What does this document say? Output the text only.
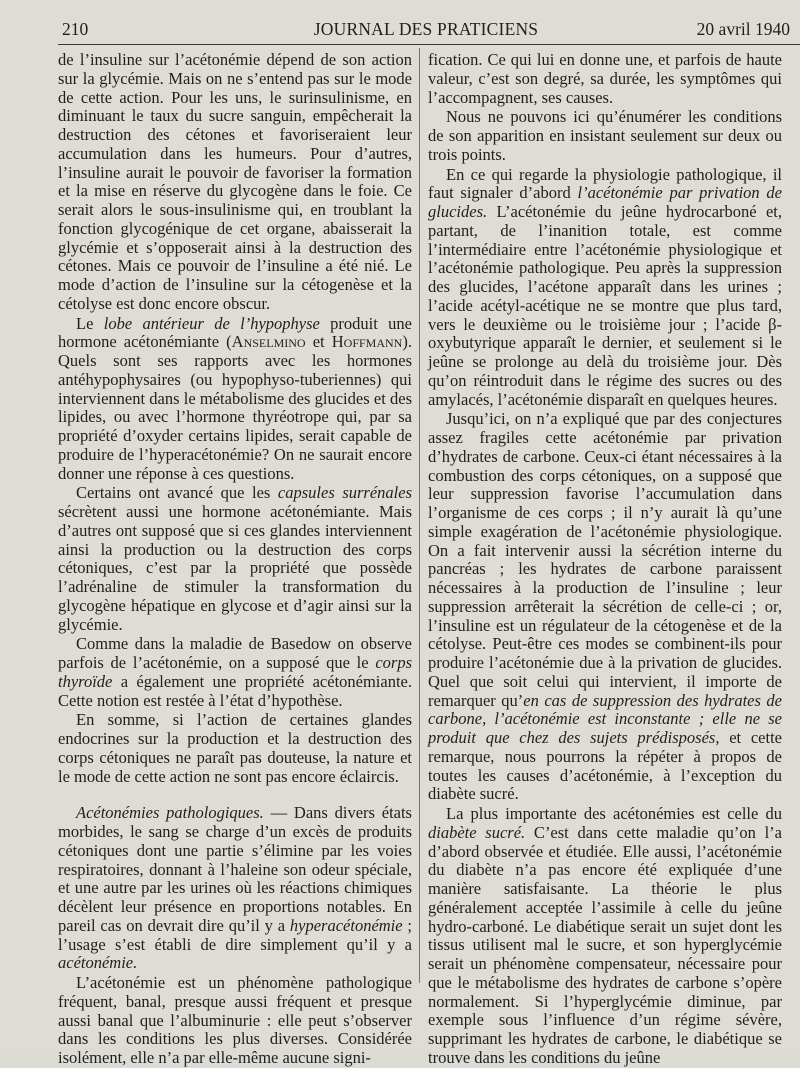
210	JOURNAL DES PRATICIENS	20 avril 1940

de l’insuline sur l’acétonémie dépend de son action sur la glycémie. Mais on ne s’entend pas sur le mode de cette action. Pour les uns, le surinsulinisme, en diminuant le taux du sucre sanguin, empêcherait la destruction des cétones et favoriseraient leur accumulation dans les humeurs. Pour d’autres, l’insuline aurait le pouvoir de favoriser la formation et la mise en réserve du glycogène dans le foie. Ce serait alors le sous-insulinisme qui, en troublant la fonction glycogénique de cet organe, abaisserait la glycémie et s’opposerait ainsi à la destruction des cétones. Mais ce pouvoir de l’insuline a été nié. Le mode d’action de l’insuline sur la cétogenèse et la cétolyse est donc encore obscur.

Le lobe antérieur de l’hypophyse produit une hormone acétonémiante (Anselmino et Hoffmann). Quels sont ses rapports avec les hormones antéhypophysaires (ou hypophyso-tuberiennes) qui interviennent dans le métabolisme des glucides et des lipides, ou avec l’hormone thyréotrope qui, par sa propriété d’oxyder certains lipides, serait capable de produire de l’hyperacétonémie? On ne saurait encore donner une réponse à ces questions.

Certains ont avancé que les capsules surrénales sécrètent aussi une hormone acétonémiante. Mais d’autres ont supposé que si ces glandes interviennent ainsi la production ou la destruction des corps cétoniques, c’est par la propriété que possède l’adrénaline de stimuler la transformation du glycogène hépatique en glycose et d’agir ainsi sur la glycémie.

Comme dans la maladie de Basedow on observe parfois de l’acétonémie, on a supposé que le corps thyroïde a également une propriété acétonémiante. Cette notion est restée à l’état d’hypothèse.

En somme, si l’action de certaines glandes endocrines sur la production et la destruction des corps cétoniques ne paraît pas douteuse, la nature et le mode de cette action ne sont pas encore éclaircis.

Acétonémies pathologiques. — Dans divers états morbides, le sang se charge d’un excès de produits cétoniques dont une partie s’élimine par les voies respiratoires, donnant à l’haleine son odeur spéciale, et une autre par les urines où les réactions chimiques décèlent leur présence en proportions notables. En pareil cas on devrait dire qu’il y a hyperacétonémie ; l’usage s’est établi de dire simplement qu’il y a acétonémie.

L’acétonémie est un phénomène pathologique fréquent, banal, presque aussi fréquent et presque aussi banal que l’albuminurie : elle peut s’observer dans les conditions les plus diverses. Considérée isolément, elle n’a par elle-même aucune signi-

fication. Ce qui lui en donne une, et parfois de haute valeur, c’est son degré, sa durée, les symptômes qui l’accompagnent, ses causes.

Nous ne pouvons ici qu’énumérer les conditions de son apparition en insistant seulement sur deux ou trois points.

En ce qui regarde la physiologie pathologique, il faut signaler d’abord l’acétonémie par privation de glucides. L’acétonémie du jeûne hydrocarboné et, partant, de l’inanition totale, est comme l’intermédiaire entre l’acétonémie physiologique et l’acétonémie pathologique. Peu après la suppression des glucides, l’acétone apparaît dans les urines ; l’acide acétyl-acétique ne se montre que plus tard, vers le deuxième ou le troisième jour ; l’acide β-oxybutyrique apparaît le dernier, et seulement si le jeûne se prolonge au delà du troisième jour. Dès qu’on réintroduit dans le régime des sucres ou des amylacés, l’acétonémie disparaît en quelques heures.

Jusqu’ici, on n’a expliqué que par des conjectures assez fragiles cette acétonémie par privation d’hydrates de carbone. Ceux-ci étant nécessaires à la combustion des corps cétoniques, on a supposé que leur suppression favorise l’accumulation dans l’organisme de ces corps ; il n’y aurait là qu’une simple exagération de l’acétonémie physiologique. On a fait intervenir aussi la sécrétion interne du pancréas ; les hydrates de carbone paraissent nécessaires à la production de l’insuline ; leur suppression arrêterait la sécrétion de celle-ci ; or, l’insuline est un régulateur de la cétogenèse et de la cétolyse. Peut-être ces modes se combinent-ils pour produire l’acétonémie due à la privation de glucides. Quel que soit celui qui intervient, il importe de remarquer qu’en cas de suppression des hydrates de carbone, l’acétonémie est inconstante ; elle ne se produit que chez des sujets prédisposés, et cette remarque, nous pourrons la répéter à propos de toutes les causes d’acétonémie, à l’exception du diabète sucré.

La plus importante des acétonémies est celle du diabète sucré. C’est dans cette maladie qu’on l’a d’abord observée et étudiée. Elle aussi, l’acétonémie du diabète n’a pas encore été expliquée d’une manière satisfaisante. La théorie le plus généralement acceptée l’assimile à celle du jeûne hydro-carboné. Le diabétique serait un sujet dont les tissus utilisent mal le sucre, et son hyperglycémie serait un phénomène compensateur, nécessaire pour que le métabolisme des hydrates de carbone s’opère normalement. Si l’hyperglycémie diminue, par exemple sous l’influence d’un régime sévère, supprimant les hydrates de carbone, le diabétique se trouve dans les conditions du jeûne
